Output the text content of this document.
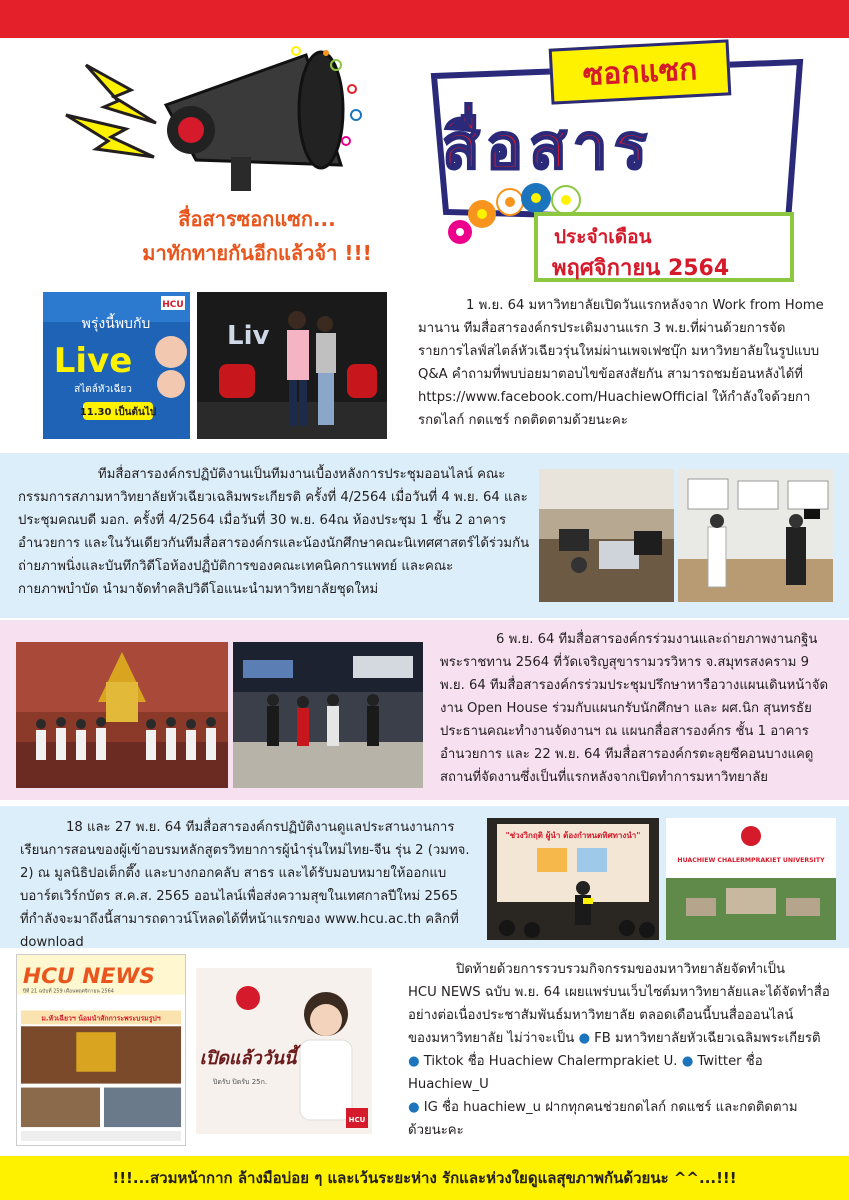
ซอกแซก
สื่อสาร
ประจำเดือน
พฤศจิกายน 2564
สื่อสารซอกแซก...
มาทักทายกันอีกแล้วจ้า !!!
พรุ่งนี้พบกับ
Live
สไตล์หัวเฉียว
11.30 เป็นต้นไป
HCU
Liv

1 พ.ย. 64 มหาวิทยาลัยเปิดวันแรกหลังจาก Work from Home มานาน ทีมสื่อสารองค์กรประเดิมงานแรก 3 พ.ย.ที่ผ่านด้วยการจัดรายการไลฟ์สไตล์หัวเฉียวรุ่นใหม่ผ่านเพจเฟซบุ๊ก มหาวิทยาลัยในรูปแบบ Q&A คำถามที่พบบ่อยมาตอบไขข้อสงสัยกัน สามารถชมย้อนหลังได้ที่ https://www.facebook.com/HuachiewOfficial ให้กำลังใจด้วยการกดไลก์ กดแชร์ กดติดตามด้วยนะคะ

ทีมสื่อสารองค์กรปฏิบัติงานเป็นทีมงานเบื้องหลังการประชุมออนไลน์ คณะกรรมการสภามหาวิทยาลัยหัวเฉียวเฉลิมพระเกียรติ ครั้งที่ 4/2564 เมื่อวันที่ 4 พ.ย. 64 และประชุมคณบดี มอก. ครั้งที่ 4/2564 เมื่อวันที่ 30 พ.ย. 64ณ ห้องประชุม 1 ชั้น 2 อาคารอำนวยการ และในวันเดียวกันทีมสื่อสารองค์กรและน้องนักศึกษาคณะนิเทศศาสตร์ได้ร่วมกันถ่ายภาพนิ่งและบันทึกวิดีโอห้องปฏิบัติการของคณะเทคนิคการแพทย์ และคณะกายภาพบำบัด นำมาจัดทำคลิปวิดีโอแนะนำมหาวิทยาลัยชุดใหม่

6 พ.ย. 64 ทีมสื่อสารองค์กรร่วมงานและถ่ายภาพงานกฐินพระราชทาน 2564 ที่วัดเจริญสุขารามวรวิหาร จ.สมุทรสงคราม 9 พ.ย. 64 ทีมสื่อสารองค์กรร่วมประชุมปรึกษาหารือวางแผนเดินหน้าจัดงาน Open House ร่วมกับแผนกรับนักศึกษา และ ผศ.นิก สุนทรธัย ประธานคณะทำงานจัดงานฯ ณ แผนกสื่อสารองค์กร ชั้น 1 อาคารอำนวยการ และ 22 พ.ย. 64 ทีมสื่อสารองค์กรตะลุยซีคอนบางแคดูสถานที่จัดงานซึ่งเป็นที่แรกหลังจากเปิดทำการมหาวิทยาลัย

18 และ 27 พ.ย. 64 ทีมสื่อสารองค์กรปฏิบัติงานดูแลประสานงานการเรียนการสอนของผู้เข้าอบรมหลักสูตรวิทยาการผู้นำรุ่นใหม่ไทย-จีน รุ่น 2 (วมทจ. 2) ณ มูลนิธิปอเต็กตึ๊ง และบางกอกคลับ สาธร และได้รับมอบหมายให้ออกแบบอาร์ตเวิร์กบัตร ส.ค.ส. 2565 ออนไลน์เพื่อส่งความสุขในเทศกาลปีใหม่ 2565 ที่กำลังจะมาถึงนี้สามารถดาวน์โหลดได้ที่หน้าแรกของ www.hcu.ac.th คลิกที่ download

"ช่วงวิกฤติ ผู้นำ ต้องกำหนดทิศทางนำ"
HUACHIEW CHALERMPRAKIET UNIVERSITY
HCU NEWS
ปีที่ 21 ฉบับที่ 259 เดือนพฤศจิกายน 2564
ม.หัวเฉียวฯ น้อมนำสักการะพระบรมรูปฯ
เปิดแล้ววันนี้
ปิดรับ ปิดรับ 25ก.
HCU
ปิดท้ายด้วยการรวบรวมกิจกรรมของมหาวิทยาลัยจัดทำเป็น
HCU NEWS ฉบับ พ.ย. 64 เผยแพร่บนเว็บไซต์มหาวิทยาลัยและได้จัดทำสื่อ
อย่างต่อเนื่องประชาสัมพันธ์มหาวิทยาลัย ตลอดเดือนนี้บนสื่อออนไลน์
ของมหาวิทยาลัย ไม่ว่าจะเป็น ● FB มหาวิทยาลัยหัวเฉียวเฉลิมพระเกียรติ
● Tiktok ชื่อ Huachiew Chalermprakiet U. ● Twitter ชื่อ Huachiew_U
● IG ชื่อ huachiew_u ฝากทุกคนช่วยกดไลก์ กดแชร์ และกดติดตาม
ด้วยนะคะ
!!!...สวมหน้ากาก ล้างมือบ่อย ๆ และเว้นระยะห่าง รักและห่วงใยดูแลสุขภาพกันด้วยนะ ^^...!!!
